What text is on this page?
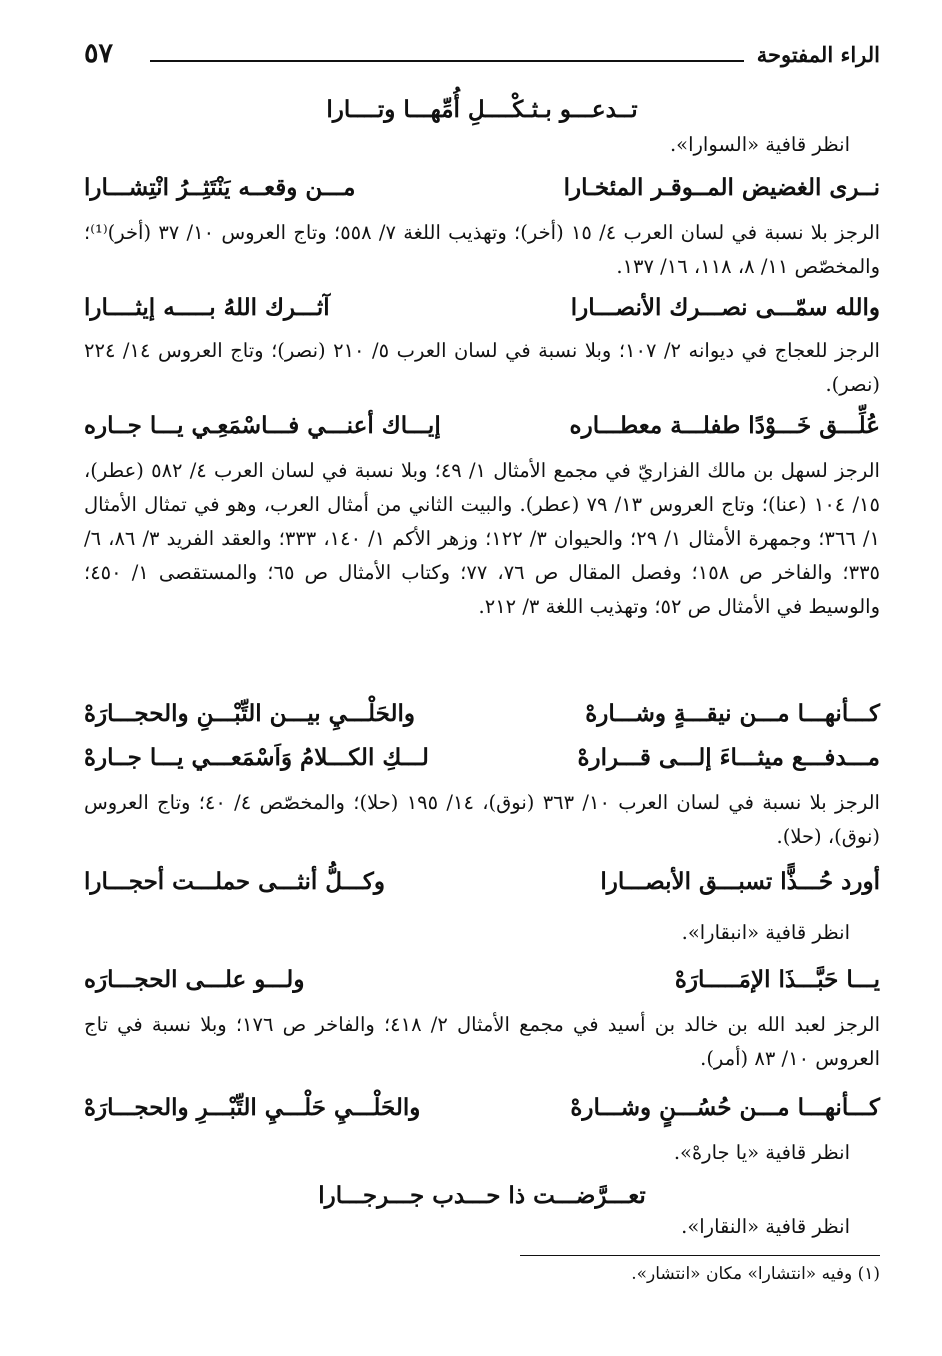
الراء المفتوحة
٥٧
تــدعـــو بـثـكْــــلِ أُمِّهـــا وتــــارا
انظر قافية «السوارا».
نــرى الغضيض المــوقـر المئخـارا
مـــن وقعــه يَنْتَثِــرُ انْتِشـــارا
الرجز بلا نسبة في لسان العرب ٤/ ١٥ (أخر)؛ وتهذيب اللغة ٧/ ٥٥٨؛ وتاج العروس ١٠/ ٣٧ (أخر)⁽¹⁾؛ والمخصّص ١١/ ٨، ١١٨، ١٦/ ١٣٧.
والله سمّـــى نصـــرك الأنصـــارا
آثـــرك اللهُ بـــــه إيثــــارا
الرجز للعجاج في ديوانه ٢/ ١٠٧؛ وبلا نسبة في لسان العرب ٥/ ٢١٠ (نصر)؛ وتاج العروس ١٤/ ٢٢٤ (نصر).
عُلِّـــق خَـــوْدًا طفلـــة معطـــاره
إيـــاك أعنـــي فـــاسْمَعِـي يـــا جــاره
الرجز لسهل بن مالك الفزاريّ في مجمع الأمثال ١/ ٤٩؛ وبلا نسبة في لسان العرب ٤/ ٥٨٢ (عطر)، ١٥/ ١٠٤ (عنا)؛ وتاج العروس ١٣/ ٧٩ (عطر). والبيت الثاني من أمثال العرب، وهو في تمثال الأمثال ١/ ٣٦٦؛ وجمهرة الأمثال ١/ ٢٩؛ والحيوان ٣/ ١٢٢؛ وزهر الأكم ١/ ١٤٠، ٣٣٣؛ والعقد الفريد ٣/ ٨٦، ٦/ ٣٣٥؛ والفاخر ص ١٥٨؛ وفصل المقال ص ٧٦، ٧٧؛ وكتاب الأمثال ص ٦٥؛ والمستقصى ١/ ٤٥٠؛ والوسيط في الأمثال ص ٥٢؛ وتهذيب اللغة ٣/ ٢١٢.
كـــأنهـــا مـــن نيقـــةٍ وشـــارهْ
والحَلْـــيِ بيـــن التِّبْـــنِ والحجـــارَهْ
مـــدفـــع ميثـــاءَ إلـــى قـــرارهْ
لـــكِ الكـــلامُ وَاَسْمَعـــي يـــا جــارهْ
الرجز بلا نسبة في لسان العرب ١٠/ ٣٦٣ (نوق)، ١٤/ ١٩٥ (حلا)؛ والمخصّص ٤/ ٤٠؛ وتاج العروس (نوق)، (حلا).
أورد حُـــذًّا تسبـــق الأبصـــارا
وكـــلُّ أنثـــى حملـــت أحجـــارا
انظر قافية «انبقارا».
يـــا حَبَّـــذَا الإمَـــــارَهْ
ولـــو علـــى الحجـــارَه
الرجز لعبد الله بن خالد بن أسيد في مجمع الأمثال ٢/ ٤١٨؛ والفاخر ص ١٧٦؛ وبلا نسبة في تاج العروس ١٠/ ٨٣ (أمر).
كـــأنهـــا مـــن حُسُـــنٍ وشـــارهْ
والحَلْـــيِ حَلْـــيِ التِّبْـــرِ والحجـــارَهْ
انظر قافية «يا جارهْ».
تعـــرَّضـــت ذا حـــدب جـــرجـــارا
انظر قافية «النقارا».
(١) وفيه «انتشارا» مكان «انتشار».
